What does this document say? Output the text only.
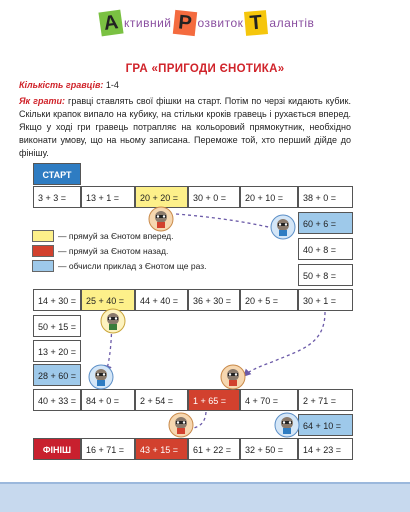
А ктивний Р озвиток Т алантів
ГРА «ПРИГОДИ ЄНОТИКА»
Кількість гравців: 1-4
Як грати: гравці ставлять свої фішки на старт. Потім по черзі кидають кубик. Скільки крапок випало на кубику, на стільки кроків гравець і рухається вперед. Якщо у ході гри гравець потрапляє на кольоровий прямокутник, необхідно виконати умову, що на ньому записана. Переможе той, хто перший дійде до фінішу.
СТАРТ
3 + 3 =	13 + 1 =	20 + 20 =	30 + 0 =	20 + 10 =	38 + 0 =
60 + 6 =
40 + 8 =
50 + 8 =
14 + 30 =	25 + 40 =	44 + 40 =	36 + 30 =	20 + 5 =	30 + 1 =
50 + 15 =
13 + 20 =
28 + 60 =
40 + 33 =	84 + 0 =	2 + 54 =	1 + 65 =	4 + 70 =	2 + 71 =
64 + 10 =
ФІНІШ	16 + 71 =	43 + 15 =	61 + 22 =	32 + 50 =	14 + 23 =
— прямуй за Єнотом вперед.
— прямуй за Єнотом назад.
— обчисли приклад з Єнотом ще раз.
